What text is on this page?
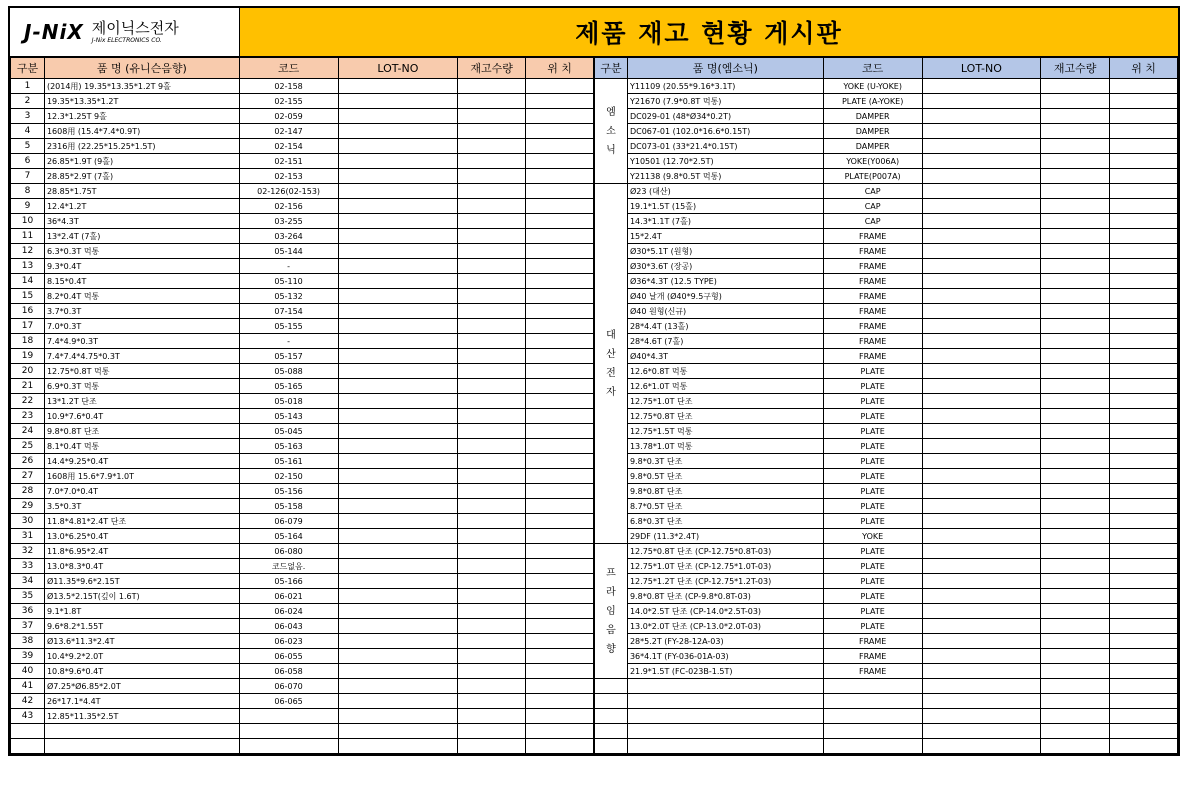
J-NiX 제이닉스전자
J-Nix ELECTRONICS CO.	제품 재고 현황 게시판
구분	품 명 (유니슨음향)	코드	LOT-NO	재고수량	위 치
1	(2014用) 19.35*13.35*1.2T 9홀	02-158			
2	19.35*13.35*1.2T	02-155			
3	12.3*1.25T 9홀	02-059			
4	1608用 (15.4*7.4*0.9T)	02-147			
5	2316用 (22.25*15.25*1.5T)	02-154			
6	26.85*1.9T (9홀)	02-151			
7	28.85*2.9T (7홀)	02-153			
8	28.85*1.75T	02-126(02-153)			
9	12.4*1.2T	02-156			
10	36*4.3T	03-255			
11	13*2.4T (7홀)	03-264			
12	6.3*0.3T 먹통	05-144			
13	9.3*0.4T	-			
14	8.15*0.4T	05-110			
15	8.2*0.4T 먹통	05-132			
16	3.7*0.3T	07-154			
17	7.0*0.3T	05-155			
18	7.4*4.9*0.3T	-			
19	7.4*7.4*4.75*0.3T	05-157			
20	12.75*0.8T 먹통	05-088			
21	6.9*0.3T 먹통	05-165			
22	13*1.2T 단조	05-018			
23	10.9*7.6*0.4T	05-143			
24	9.8*0.8T 단조	05-045			
25	8.1*0.4T 먹통	05-163			
26	14.4*9.25*0.4T	05-161			
27	1608用 15.6*7.9*1.0T	02-150			
28	7.0*7.0*0.4T	05-156			
29	3.5*0.3T	05-158			
30	11.8*4.81*2.4T 단조	06-079			
31	13.0*6.25*0.4T	05-164			
32	11.8*6.95*2.4T	06-080			
33	13.0*8.3*0.4T	코드없음.			
34	Ø11.35*9.6*2.15T	05-166			
35	Ø13.5*2.15T(깊이 1.6T)	06-021			
36	9.1*1.8T	06-024			
37	9.6*8.2*1.55T	06-043			
38	Ø13.6*11.3*2.4T	06-023			
39	10.4*9.2*2.0T	06-055			
40	10.8*9.6*0.4T	06-058			
41	Ø7.25*Ø6.85*2.0T	06-070			
42	26*17.1*4.4T	06-065			
43	12.85*11.35*2.5T				

구분	품 명(엠소닉)	코드	LOT-NO	재고수량	위 치
엠소닉	Y11109 (20.55*9.16*3.1T)	YOKE (U-YOKE)			
	Y21670 (7.9*0.8T 먹통)	PLATE (A-YOKE)			
	DC029-01 (48*Ø34*0.2T)	DAMPER			
	DC067-01 (102.0*16.6*0.15T)	DAMPER			
	DC073-01 (33*21.4*0.15T)	DAMPER			
	Y10501 (12.70*2.5T)	YOKE(Y006A)			
	Y21138 (9.8*0.5T 먹통)	PLATE(P007A)			
대산전자	Ø23 (대산)	CAP			
	19.1*1.5T (15홀)	CAP			
	14.3*1.1T (7홀)	CAP			
	15*2.4T	FRAME			
	Ø30*5.1T (원형)	FRAME			
	Ø30*3.6T (장공)	FRAME			
	Ø36*4.3T (12.5 TYPE)	FRAME			
	Ø40 날개 (Ø40*9.5구형)	FRAME			
	Ø40 원형(신규)	FRAME			
	28*4.4T (13홀)	FRAME			
	28*4.6T (7홀)	FRAME			
	Ø40*4.3T	FRAME			
	12.6*0.8T 먹통	PLATE			
	12.6*1.0T 먹통	PLATE			
	12.75*1.0T 단조	PLATE			
	12.75*0.8T 단조	PLATE			
	12.75*1.5T 먹통	PLATE			
	13.78*1.0T 먹통	PLATE			
	9.8*0.3T 단조	PLATE			
	9.8*0.5T 단조	PLATE			
	9.8*0.8T 단조	PLATE			
	8.7*0.5T 단조	PLATE			
	6.8*0.3T 단조	PLATE			
	29DF (11.3*2.4T)	YOKE			
프라임음향	12.75*0.8T 단조 (CP-12.75*0.8T-03)	PLATE			
	12.75*1.0T 단조 (CP-12.75*1.0T-03)	PLATE			
	12.75*1.2T 단조 (CP-12.75*1.2T-03)	PLATE			
	9.8*0.8T 단조 (CP-9.8*0.8T-03)	PLATE			
	14.0*2.5T 단조 (CP-14.0*2.5T-03)	PLATE			
	13.0*2.0T 단조 (CP-13.0*2.0T-03)	PLATE			
	28*5.2T (FY-28-12A-03)	FRAME			
	36*4.1T (FY-036-01A-03)	FRAME			
	21.9*1.5T (FC-023B-1.5T)	FRAME			
